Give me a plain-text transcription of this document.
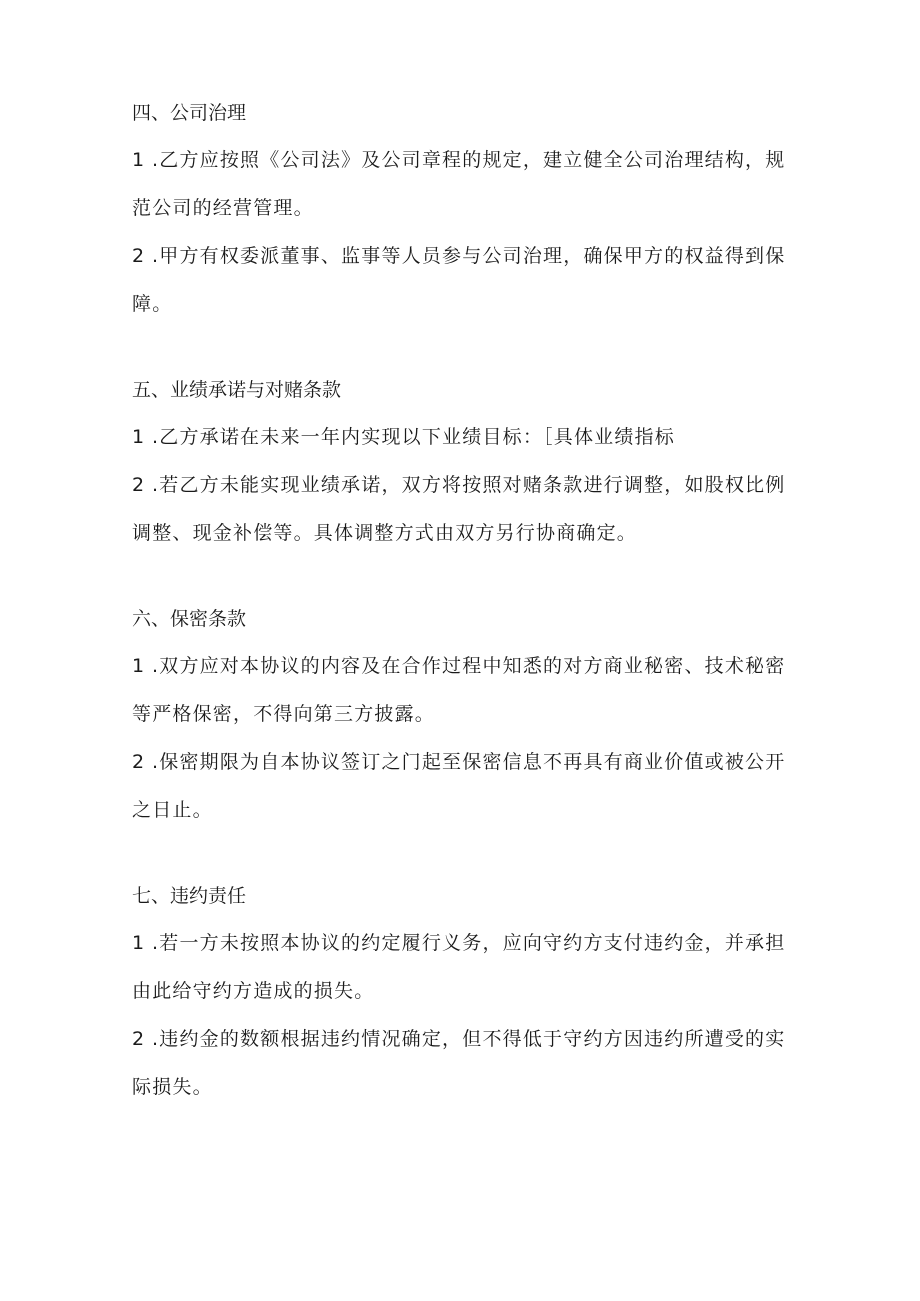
四、公司治理
1 .乙方应按照《公司法》及公司章程的规定，建立健全公司治理结构，规范公司的经营管理。
2 .甲方有权委派董事、监事等人员参与公司治理，确保甲方的权益得到保障。
五、业绩承诺与对赌条款
1 .乙方承诺在未来一年内实现以下业绩目标：［具体业绩指标
2 .若乙方未能实现业绩承诺，双方将按照对赌条款进行调整，如股权比例调整、现金补偿等。具体调整方式由双方另行协商确定。
六、保密条款
1 .双方应对本协议的内容及在合作过程中知悉的对方商业秘密、技术秘密等严格保密，不得向第三方披露。
2 .保密期限为自本协议签订之门起至保密信息不再具有商业价值或被公开之日止。
七、违约责任
1 .若一方未按照本协议的约定履行义务，应向守约方支付违约金，并承担由此给守约方造成的损失。
2 .违约金的数额根据违约情况确定，但不得低于守约方因违约所遭受的实际损失。
